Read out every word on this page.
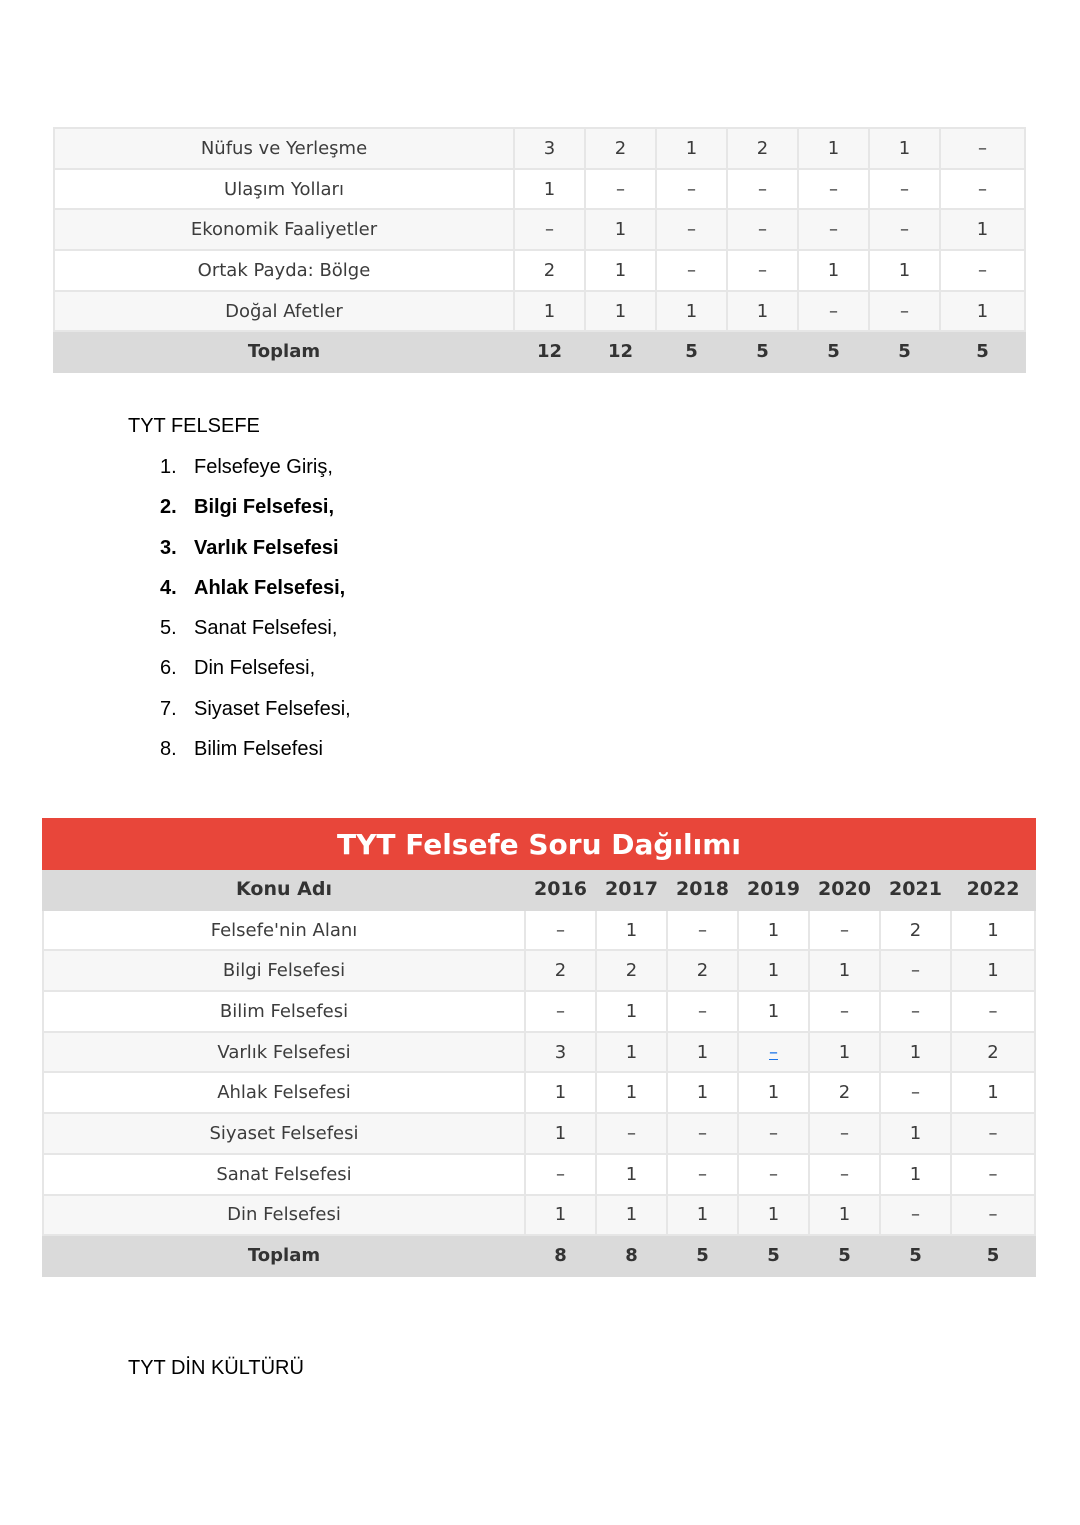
Nüfus ve Yerleşme	3	2	1	2	1	1	–
Ulaşım Yolları	1	–	–	–	–	–	–
Ekonomik Faaliyetler	–	1	–	–	–	–	1
Ortak Payda: Bölge	2	1	–	–	1	1	–
Doğal Afetler	1	1	1	1	–	–	1
Toplam	12	12	5	5	5	5	5
TYT FELSEFE
1. Felsefeye Giriş,
2. Bilgi Felsefesi,
3. Varlık Felsefesi
4. Ahlak Felsefesi,
5. Sanat Felsefesi,
6. Din Felsefesi,
7. Siyaset Felsefesi,
8. Bilim Felsefesi
TYT Felsefe Soru Dağılımı							
Konu Adı	2016	2017	2018	2019	2020	2021	2022
Felsefe'nin Alanı	–	1	–	1	–	2	1
Bilgi Felsefesi	2	2	2	1	1	–	1
Bilim Felsefesi	–	1	–	1	–	–	–
Varlık Felsefesi	3	1	1	–	1	1	2
Ahlak Felsefesi	1	1	1	1	2	–	1
Siyaset Felsefesi	1	–	–	–	–	1	–
Sanat Felsefesi	–	1	–	–	–	1	–
Din Felsefesi	1	1	1	1	1	–	–
Toplam	8	8	5	5	5	5	5
TYT DİN KÜLTÜRÜ
